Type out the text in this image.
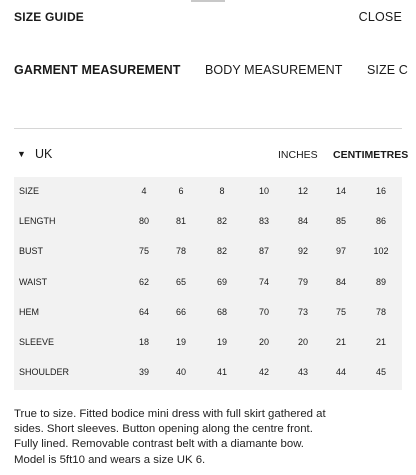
SIZE GUIDE	CLOSE
GARMENT MEASUREMENT BODY MEASUREMENT SIZE C
▼ UK	INCHES CENTIMETRES
SIZE	4	6	8	10	12	14	16
LENGTH	80	81	82	83	84	85	86
BUST	75	78	82	87	92	97	102
WAIST	62	65	69	74	79	84	89
HEM	64	66	68	70	73	75	78
SLEEVE	18	19	19	20	20	21	21
SHOULDER	39	40	41	42	43	44	45
True to size. Fitted bodice mini dress with full skirt gathered at
sides. Short sleeves. Button opening along the centre front.
Fully lined. Removable contrast belt with a diamante bow.
Model is 5ft10 and wears a size UK 6.
